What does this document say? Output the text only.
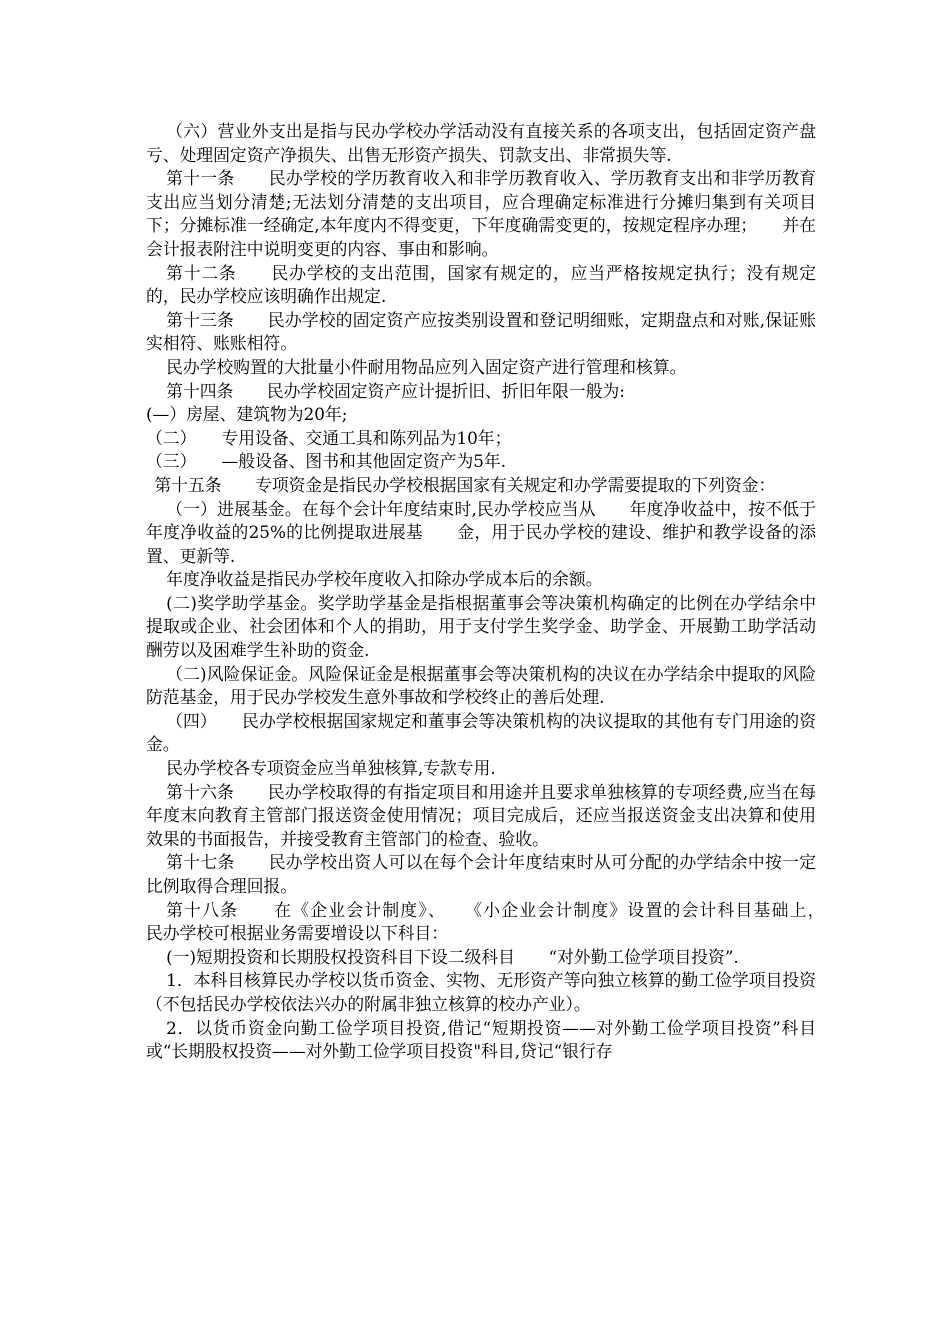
（六）营业外支出是指与民办学校办学活动没有直接关系的各项支出，包括固定资产盘亏、处理固定资产净损失、出售无形资产损失、罚款支出、非常损失等.

第十一条　　民办学校的学历教育收入和非学历教育收入、学历教育支出和非学历教育支出应当划分清楚;无法划分清楚的支出项目，应合理确定标准进行分摊归集到有关项目下；分摊标准一经确定,本年度内不得变更，下年度确需变更的，按规定程序办理；　　并在会计报表附注中说明变更的内容、事由和影响。

第十二条　　民办学校的支出范围，国家有规定的，应当严格按规定执行；没有规定的，民办学校应该明确作出规定.

第十三条　　民办学校的固定资产应按类别设置和登记明细账，定期盘点和对账,保证账实相符、账账相符。

民办学校购置的大批量小件耐用物品应列入固定资产进行管理和核算。

第十四条　　民办学校固定资产应计提折旧、折旧年限一般为:

(—）房屋、建筑物为20年;

（二）　　专用设备、交通工具和陈列品为10年；

（三）　　—般设备、图书和其他固定资产为5年.

第十五条　　专项资金是指民办学校根据国家有关规定和办学需要提取的下列资金：

（一）进展基金。在每个会计年度结束时,民办学校应当从　　年度净收益中，按不低于年度净收益的25%的比例提取进展基　　金，用于民办学校的建设、维护和教学设备的添置、更新等.

年度净收益是指民办学校年度收入扣除办学成本后的余额。

(二)奖学助学基金。奖学助学基金是指根据董事会等决策机构确定的比例在办学结余中提取或企业、社会团体和个人的捐助，用于支付学生奖学金、助学金、开展勤工助学活动酬劳以及困难学生补助的资金.

（二)风险保证金。风险保证金是根据董事会等决策机构的决议在办学结余中提取的风险防范基金，用于民办学校发生意外事故和学校终止的善后处理.

（四）　　民办学校根据国家规定和董事会等决策机构的决议提取的其他有专门用途的资金。

民办学校各专项资金应当单独核算,专款专用.

第十六条　　民办学校取得的有指定项目和用途并且要求单独核算的专项经费,应当在每年度末向教育主管部门报送资金使用情况；项目完成后，还应当报送资金支出决算和使用效果的书面报告，并接受教育主管部门的检查、验收。

第十七条　　民办学校出资人可以在每个会计年度结束时从可分配的办学结余中按一定比例取得合理回报。

第十八条　　在《企业会计制度》、　　《小企业会计制度》设置的会计科目基础上，　　民办学校可根据业务需要增设以下科目：

(一)短期投资和长期股权投资科目下设二级科目　　“对外勤工俭学项目投资”.

1．本科目核算民办学校以货币资金、实物、无形资产等向独立核算的勤工俭学项目投资（不包括民办学校依法兴办的附属非独立核算的校办产业）。

2．以货币资金向勤工俭学项目投资,借记“短期投资——对外勤工俭学项目投资”科目或“长期股权投资——对外勤工俭学项目投资"科目,贷记“银行存
